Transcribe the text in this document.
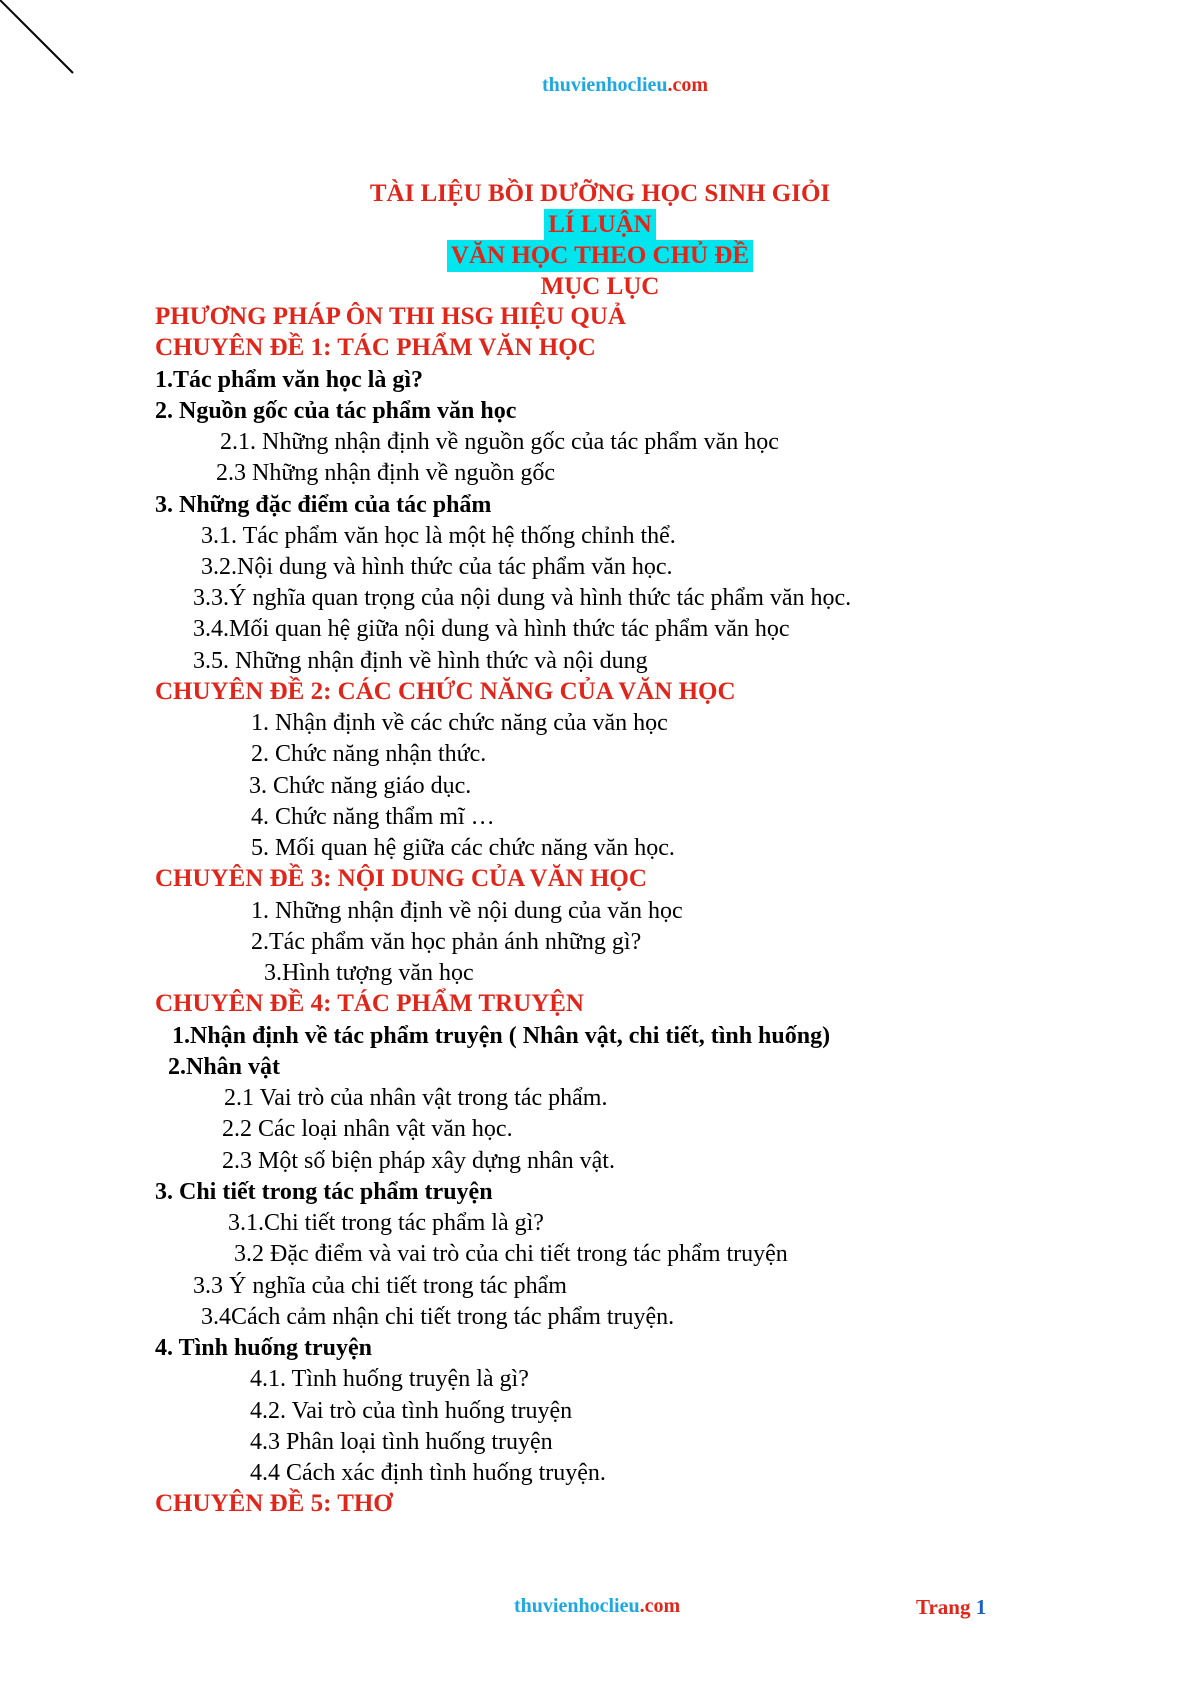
thuvienhoclieu.com
TÀI LIỆU BỒI DƯỠNG HỌC SINH GIỎI
LÍ LUẬN
VĂN HỌC THEO CHỦ ĐỀ
MỤC LỤC
PHƯƠNG PHÁP ÔN THI HSG HIỆU QUẢ
CHUYÊN ĐỀ 1: TÁC PHẨM VĂN HỌC
1.Tác phẩm văn học là gì?
2. Nguồn gốc của tác phẩm văn học
2.1. Những nhận định về nguồn gốc của tác phẩm văn học
2.3 Những nhận định về nguồn gốc
3. Những đặc điểm của tác phẩm
3.1. Tác phẩm văn học là một hệ thống chỉnh thể.
3.2.Nội dung và hình thức của tác phẩm văn học.
3.3.Ý nghĩa quan trọng của nội dung và hình thức tác phẩm văn học.
3.4.Mối quan hệ giữa nội dung và hình thức tác phẩm văn học
3.5. Những nhận định về hình thức và nội dung
CHUYÊN ĐỀ 2: CÁC CHỨC NĂNG CỦA VĂN HỌC
1. Nhận định về các chức năng của văn học
2. Chức năng nhận thức.
3. Chức năng giáo dục.
4. Chức năng thẩm mĩ …
5. Mối quan hệ giữa các chức năng văn học.
CHUYÊN ĐỀ 3: NỘI DUNG CỦA VĂN HỌC
1. Những nhận định về nội dung của văn học
2.Tác phẩm văn học phản ánh những gì?
3.Hình tượng văn học
CHUYÊN ĐỀ 4: TÁC PHẨM TRUYỆN
1.Nhận định về tác phẩm truyện ( Nhân vật, chi tiết, tình huống)
2.Nhân vật
2.1 Vai trò của nhân vật trong tác phẩm.
2.2 Các loại nhân vật văn học.
2.3 Một số biện pháp xây dựng nhân vật.
3. Chi tiết trong tác phẩm truyện
3.1.Chi tiết trong tác phẩm là gì?
3.2 Đặc điểm và vai trò của chi tiết trong tác phẩm truyện
3.3 Ý nghĩa của chi tiết trong tác phẩm
3.4Cách cảm nhận chi tiết trong tác phẩm truyện.
4. Tình huống truyện
4.1. Tình huống truyện là gì?
4.2. Vai trò của tình huống truyện
4.3 Phân loại tình huống truyện
4.4 Cách xác định tình huống truyện.
CHUYÊN ĐỀ 5: THƠ
thuvienhoclieu.com	Trang 1
